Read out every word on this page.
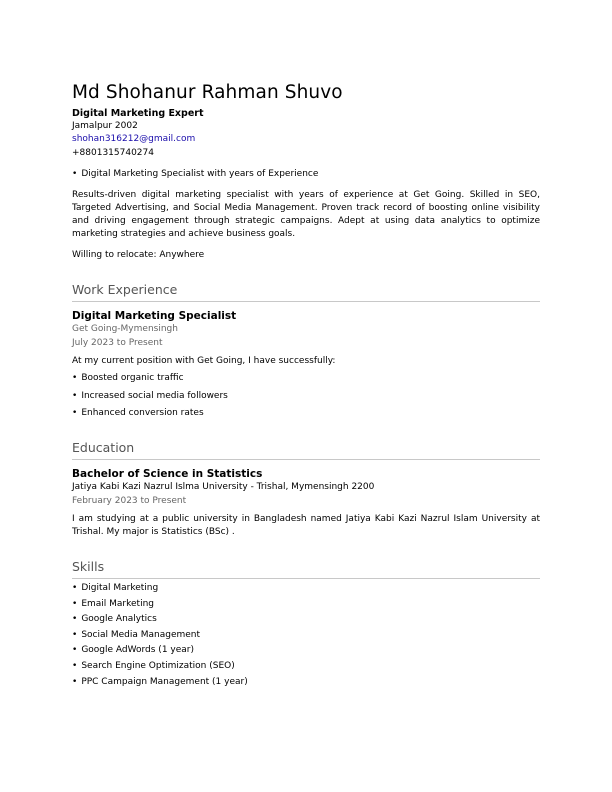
Md Shohanur Rahman Shuvo
Digital Marketing Expert
Jamalpur 2002
shohan316212@gmail.com
+8801315740274
• Digital Marketing Specialist with years of Experience

Results-driven digital marketing specialist with years of experience at Get Going. Skilled in SEO, Targeted Advertising, and Social Media Management. Proven track record of boosting online visibility and driving engagement through strategic campaigns. Adept at using data analytics to optimize marketing strategies and achieve business goals.

Willing to relocate: Anywhere

Work Experience
Digital Marketing Specialist
Get Going-Mymensingh
July 2023 to Present

At my current position with Get Going, I have successfully:

• Boosted organic traffic
• Increased social media followers
• Enhanced conversion rates
Education
Bachelor of Science in Statistics
Jatiya Kabi Kazi Nazrul Islma University - Trishal, Mymensingh 2200
February 2023 to Present

I am studying at a public university in Bangladesh named Jatiya Kabi Kazi Nazrul Islam University at Trishal. My major is Statistics (BSc) .

Skills
• Digital Marketing
• Email Marketing
• Google Analytics
• Social Media Management
• Google AdWords (1 year)
• Search Engine Optimization (SEO)
• PPC Campaign Management (1 year)
